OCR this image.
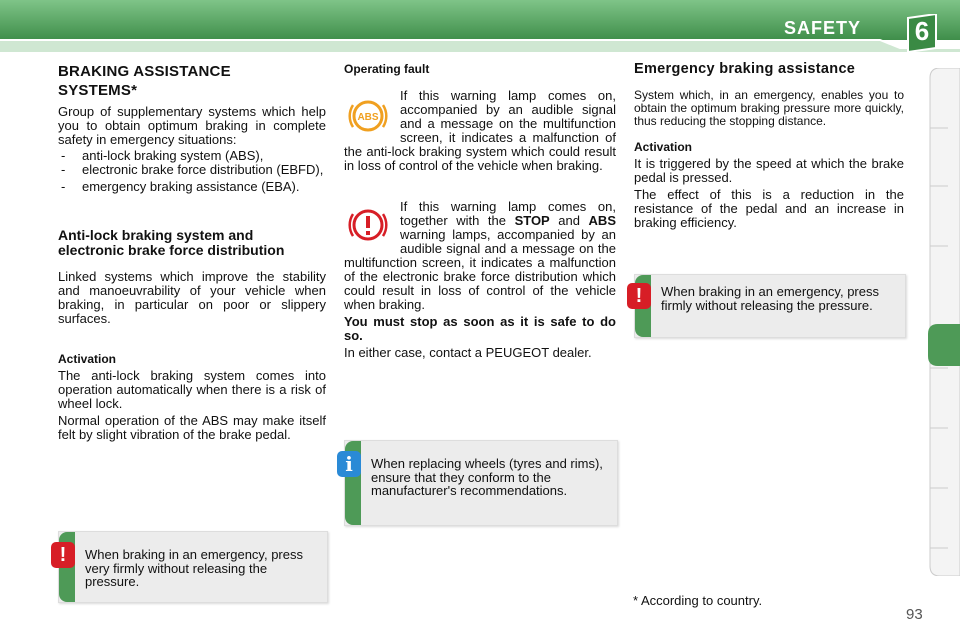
SAFETY	6
BRAKING ASSISTANCE
SYSTEMS*

Group of supplementary systems which help you to obtain optimum braking in complete safety in emergency situations:

- anti-lock braking system (ABS),
- electronic brake force distribution (EBFD),
- emergency braking assistance (EBA).
Anti-lock braking system and electronic brake force distribution

Linked systems which improve the stability and manoeuvrability of your vehicle when braking, in particular on poor or slippery surfaces.

Activation

The anti-lock braking system comes into operation automatically when there is a risk of wheel lock.

Normal operation of the ABS may make itself felt by slight vibration of the brake pedal.

!	When braking in an emergency, press very firmly without releasing the pressure.
Operating fault
ABS
If this warning lamp comes on, accompanied by an audible signal and a message on the multifunction screen, it indicates a malfunction of the anti-lock braking system which could result in loss of control of the vehicle when braking.
If this warning lamp comes on, together with the STOP and ABS warning lamps, accompanied by an audible signal and a message on the multifunction screen, it indicates a malfunction of the electronic brake force distribution which could result in loss of control of the vehicle when braking.

You must stop as soon as it is safe to do so.

In either case, contact a PEUGEOT dealer.

i	When replacing wheels (tyres and rims), ensure that they conform to the manufacturer's recommendations.
Emergency braking assistance

System which, in an emergency, enables you to obtain the optimum braking pressure more quickly, thus reducing the stopping distance.

Activation

It is triggered by the speed at which the brake pedal is pressed.

The effect of this is a reduction in the resistance of the pedal and an increase in braking efficiency.

!	When braking in an emergency, press firmly without releasing the pressure.
* According to country.
93
